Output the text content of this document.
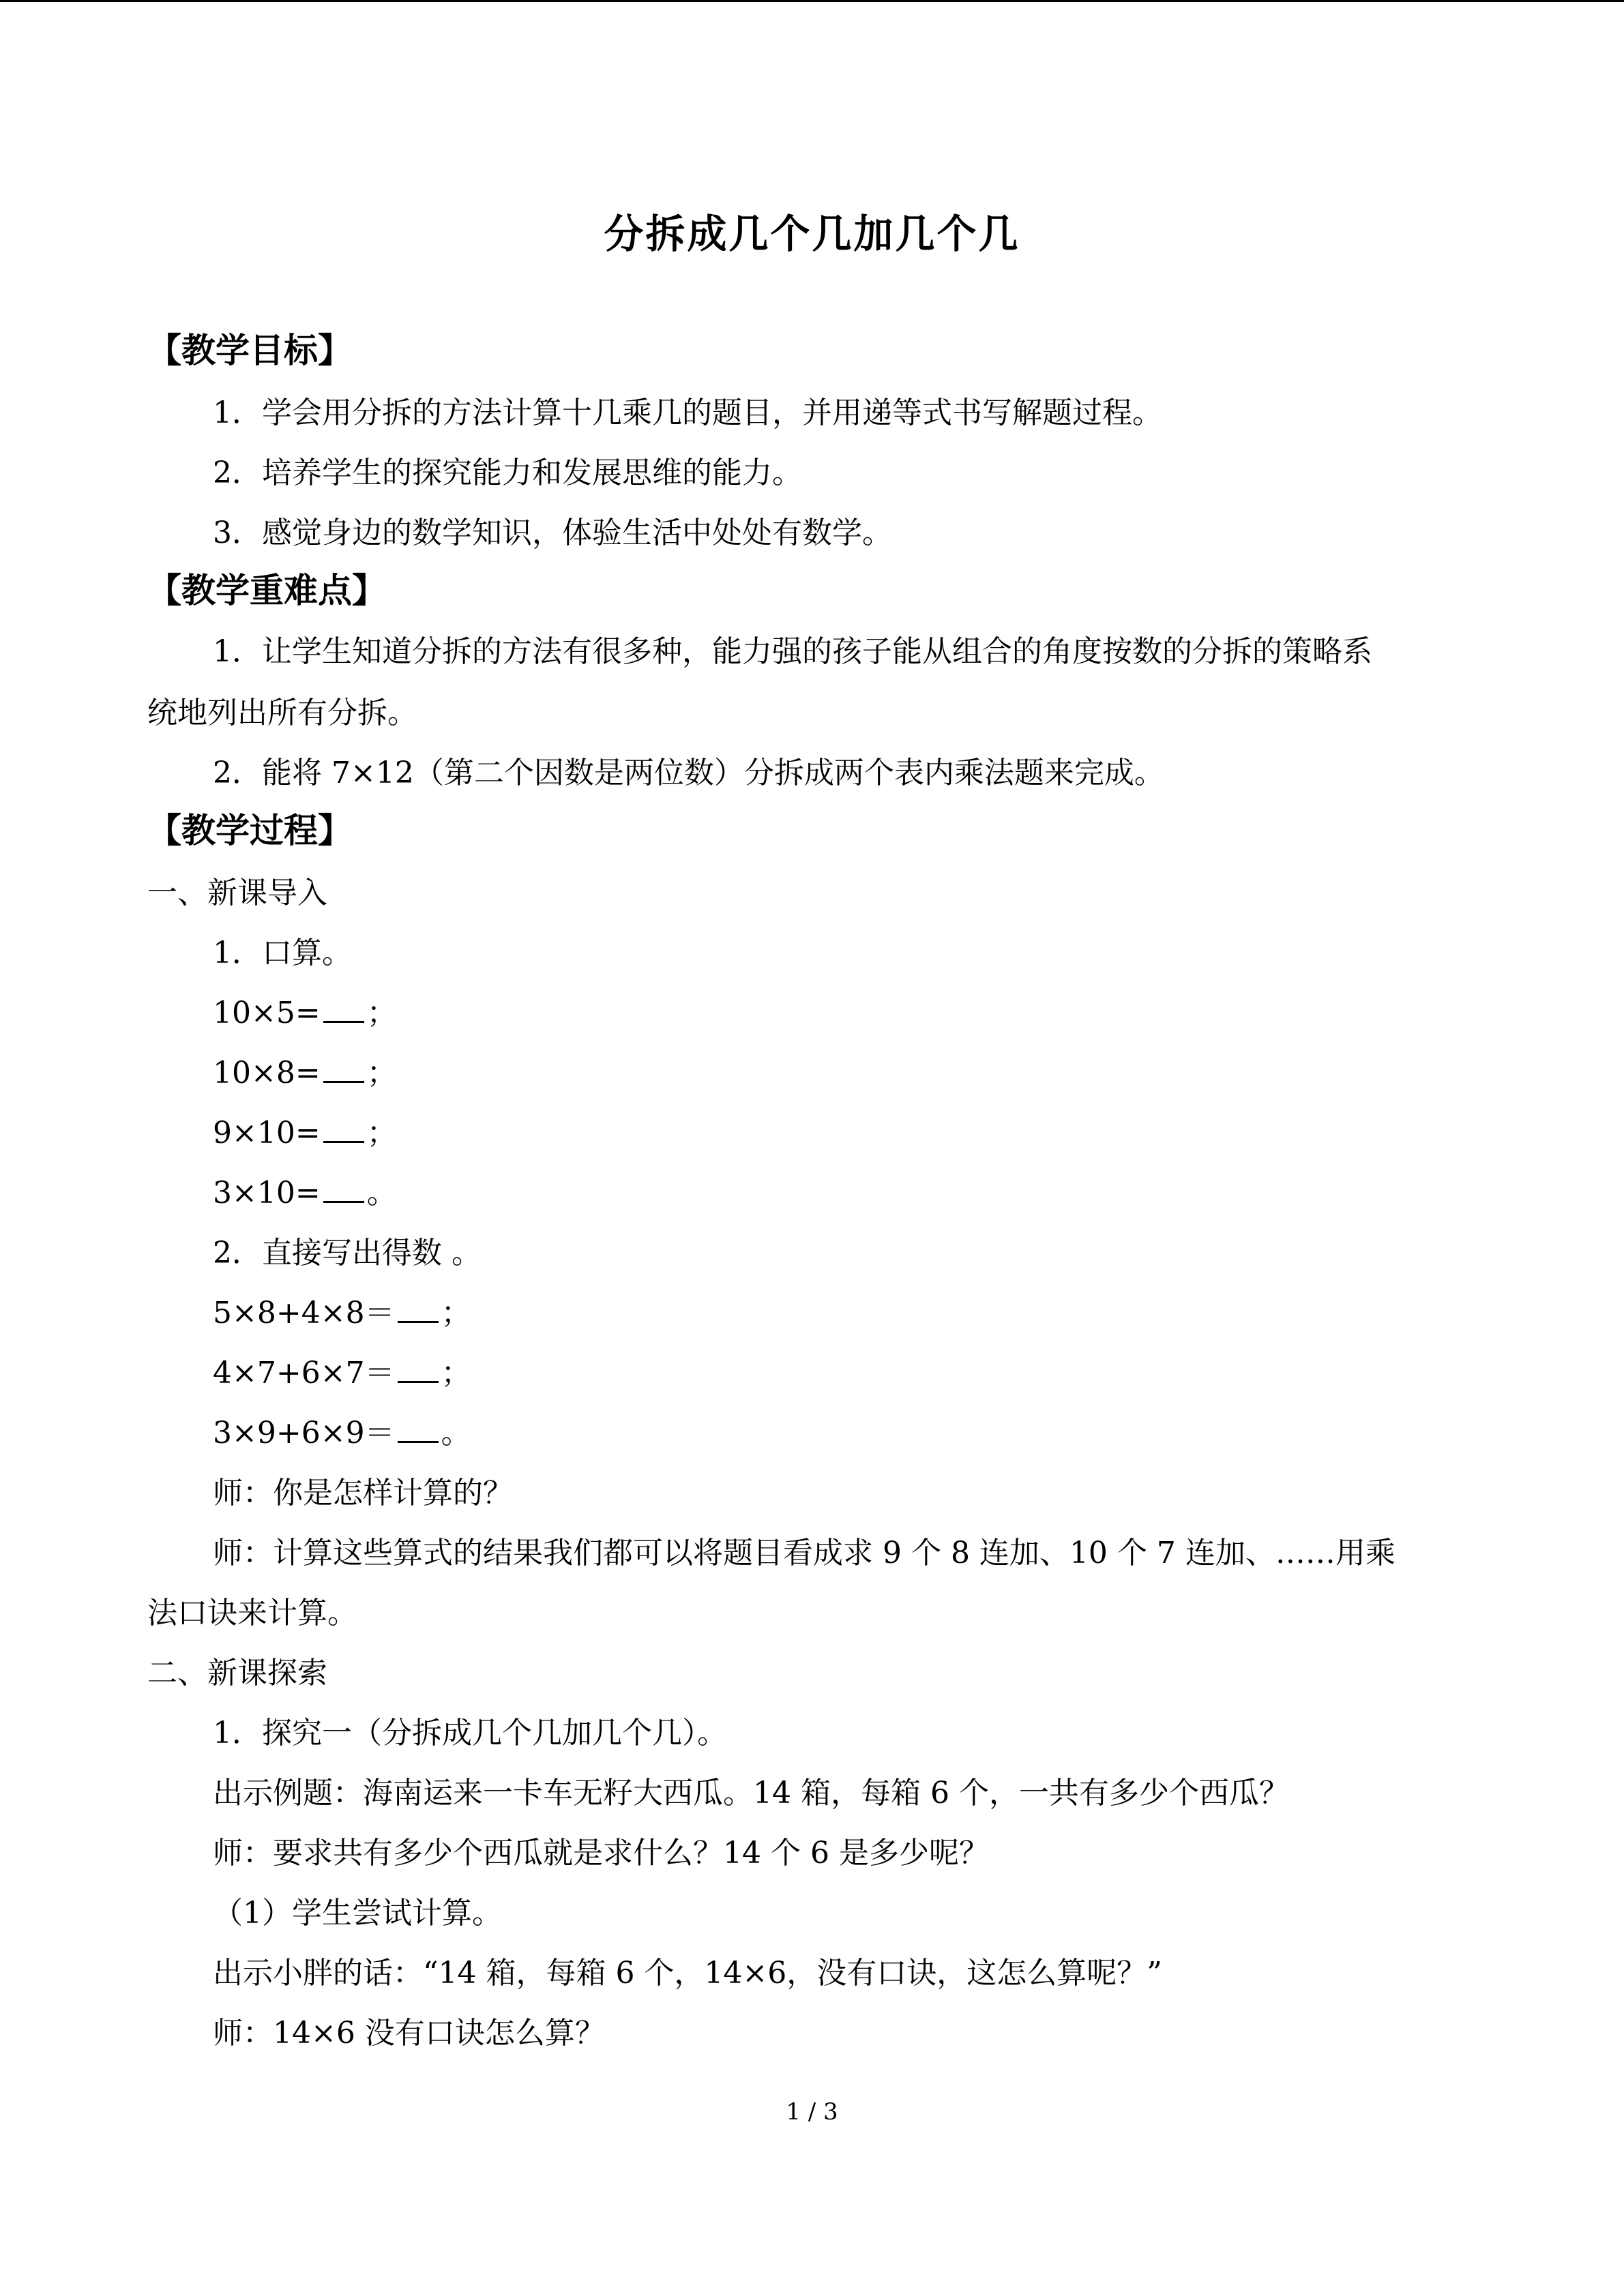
分拆成几个几加几个几
【教学目标】
1．学会用分拆的方法计算十几乘几的题目，并用递等式书写解题过程。
2．培养学生的探究能力和发展思维的能力。
3．感觉身边的数学知识，体验生活中处处有数学。
【教学重难点】
1．让学生知道分拆的方法有很多种，能力强的孩子能从组合的角度按数的分拆的策略系
统地列出所有分拆。
2．能将 7×12（第二个因数是两位数）分拆成两个表内乘法题来完成。
【教学过程】
一、新课导入
1．口算。
10×5= ；
10×8= ；
9×10= ；
3×10= 。
2．直接写出得数 。
5×8+4×8＝ ；
4×7+6×7＝ ；
3×9+6×9＝ 。
师：你是怎样计算的？
师：计算这些算式的结果我们都可以将题目看成求 9 个 8 连加、10 个 7 连加、……用乘
法口诀来计算。
二、新课探索
1．探究一（分拆成几个几加几个几）。
出示例题：海南运来一卡车无籽大西瓜。14 箱，每箱 6 个，一共有多少个西瓜？
师：要求共有多少个西瓜就是求什么？14 个 6 是多少呢？
（1）学生尝试计算。
出示小胖的话：“14 箱，每箱 6 个，14×6，没有口诀，这怎么算呢？”
师：14×6 没有口诀怎么算？
1 / 3
